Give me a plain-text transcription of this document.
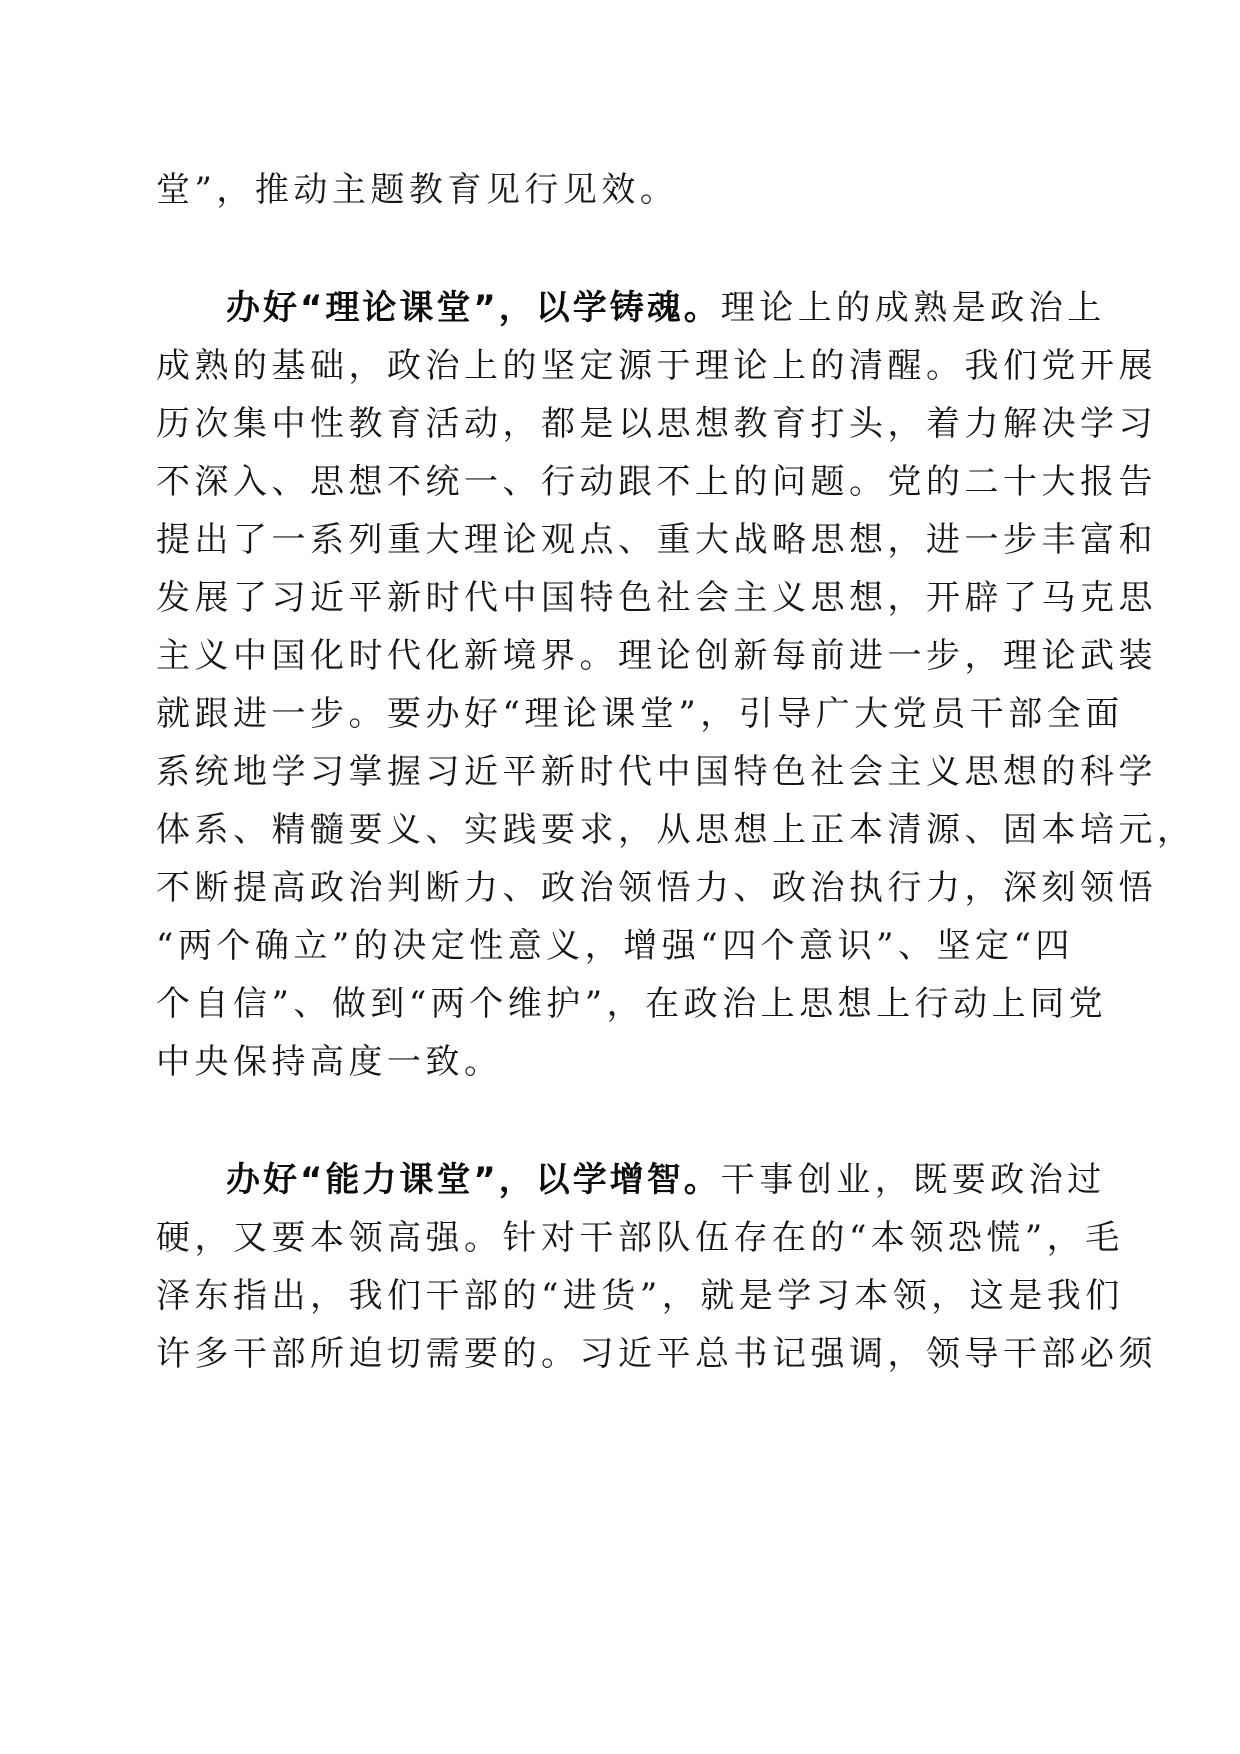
堂”，推动主题教育见行见效。

办好“理论课堂”，以学铸魂。理论上的成熟是政治上

成熟的基础，政治上的坚定源于理论上的清醒。我们党开展

历次集中性教育活动，都是以思想教育打头，着力解决学习

不深入、思想不统一、行动跟不上的问题。党的二十大报告

提出了一系列重大理论观点、重大战略思想，进一步丰富和

发展了习近平新时代中国特色社会主义思想，开辟了马克思

主义中国化时代化新境界。理论创新每前进一步，理论武装

就跟进一步。要办好“理论课堂”，引导广大党员干部全面

系统地学习掌握习近平新时代中国特色社会主义思想的科学

体系、精髓要义、实践要求，从思想上正本清源、固本培元，

不断提高政治判断力、政治领悟力、政治执行力，深刻领悟

“两个确立”的决定性意义，增强“四个意识”、坚定“四

个自信”、做到“两个维护”，在政治上思想上行动上同党

中央保持高度一致。

办好“能力课堂”，以学增智。干事创业，既要政治过

硬，又要本领高强。针对干部队伍存在的“本领恐慌”，毛

泽东指出，我们干部的“进货”，就是学习本领，这是我们

许多干部所迫切需要的。习近平总书记强调，领导干部必须
